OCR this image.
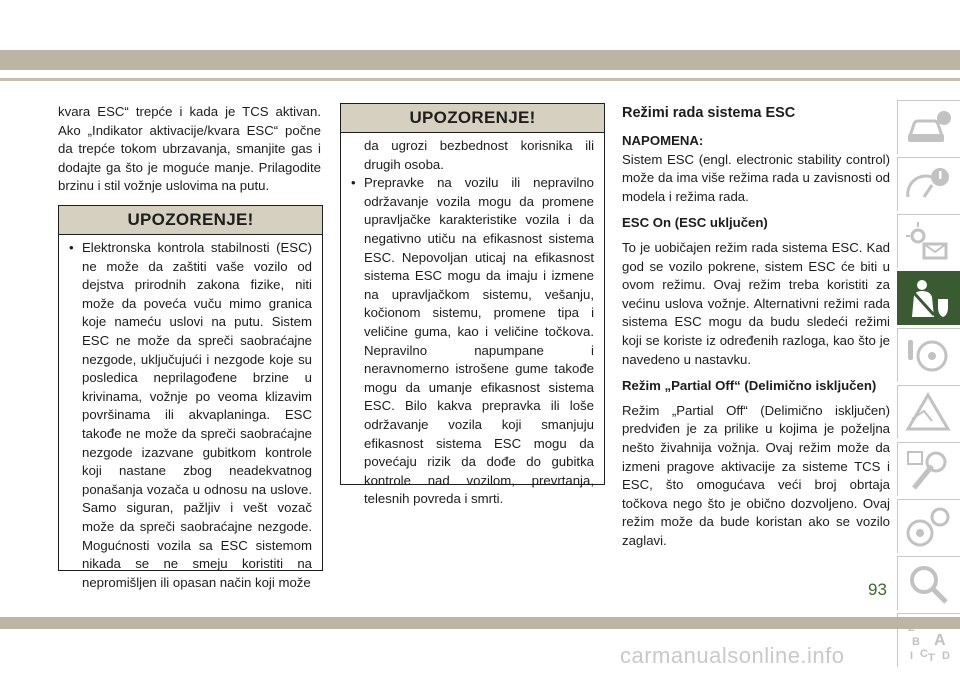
kvara ESC“ trepće i kada je TCS aktivan. Ako „Indikator aktivacije/kvara ESC“ počne da trepće tokom ubrzavanja, smanjite gas i dodajte ga što je moguće manje. Prilagodite brzinu i stil vožnje uslovima na putu.

UPOZORENJE!
• Elektronska kontrola stabilnosti (ESC) ne može da zaštiti vaše vozilo od dejstva prirodnih zakona fizike, niti može da poveća vuču mimo granica koje nameću uslovi na putu. Sistem ESC ne može da spreči saobraćajne nezgode, uključujući i nezgode koje su posledica neprilagođene brzine u krivinama, vožnje po veoma klizavim površinama ili akvaplaninga. ESC takođe ne može da spreči saobraćajne nezgode izazvane gubitkom kontrole koji nastane zbog neadekvatnog ponašanja vozača u odnosu na uslove. Samo siguran, pažljiv i vešt vozač može da spreči saobraćajne nezgode. Mogućnosti vozila sa ESC sistemom nikada se ne smeju koristiti na nepromišljen ili opasan način koji može
UPOZORENJE!
da ugrozi bezbednost korisnika ili drugih osoba.
• Prepravke na vozilu ili nepravilno održavanje vozila mogu da promene upravljačke karakteristike vozila i da negativno utiču na efikasnost sistema ESC. Nepovoljan uticaj na efikasnost sistema ESC mogu da imaju i izmene na upravljačkom sistemu, vešanju, kočionom sistemu, promene tipa i veličine guma, kao i veličine točkova. Nepravilno napumpane i neravnomerno istrošene gume takođe mogu da umanje efikasnost sistema ESC. Bilo kakva prepravka ili loše održavanje vozila koji smanjuju efikasnost sistema ESC mogu da povećaju rizik da dođe do gubitka kontrole nad vozilom, prevrtanja, telesnih povreda i smrti.
Režimi rada sistema ESC

NAPOMENA:

Sistem ESC (engl. electronic stability control) može da ima više režima rada u zavisnosti od modela i režima rada.

ESC On (ESC uključen)

To je uobičajen režim rada sistema ESC. Kad god se vozilo pokrene, sistem ESC će biti u ovom režimu. Ovaj režim treba koristiti za većinu uslova vožnje. Alternativni režimi rada sistema ESC mogu da budu sledeći režimi koji se koriste iz određenih razloga, kao što je navedeno u nastavku.

Režim „Partial Off“ (Delimično isključen)

Režim „Partial Off“ (Delimično isključen) predviđen je za prilike u kojima je poželjna nešto živahnija vožnja. Ovaj režim može da izmeni pragove aktivacije za sisteme TCS i ESC, što omogućava veći broj obrtaja točkova nego što je obično dozvoljeno. Ovaj režim može da bude koristan ako se vozilo zaglavi.

B A
I C T D
93
carmanualsonline.info
